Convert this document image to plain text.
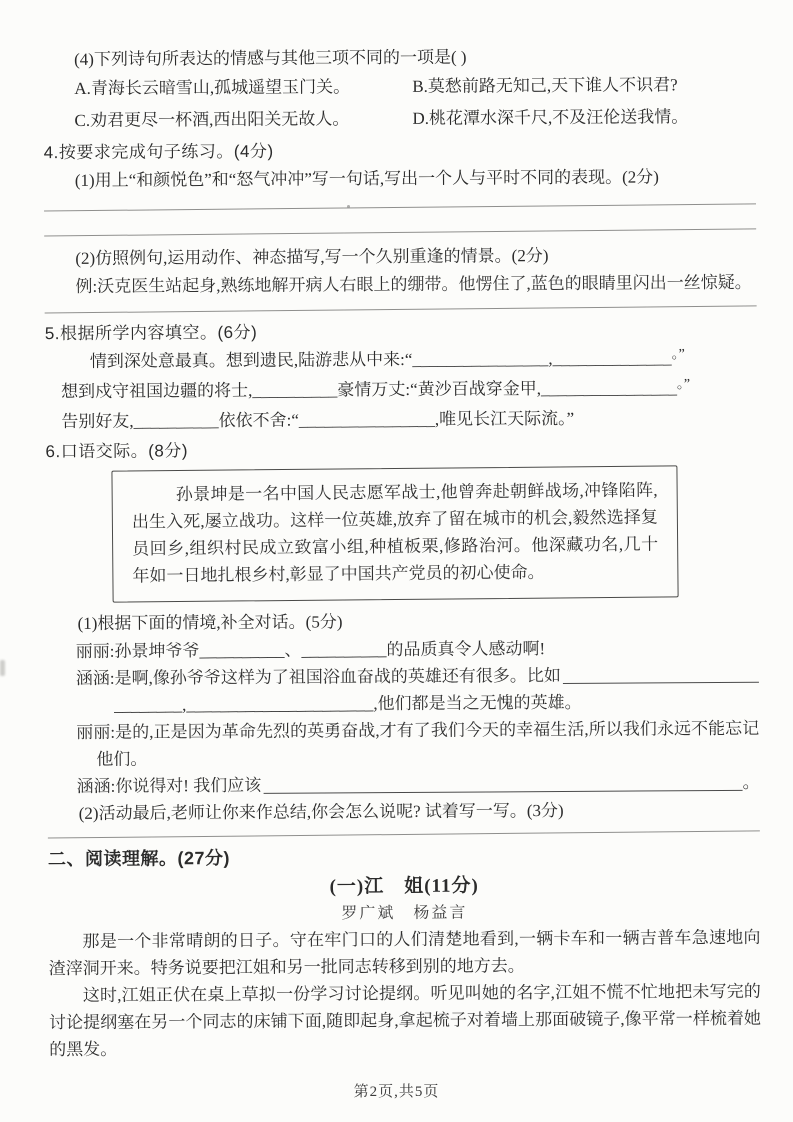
(4)下列诗句所表达的情感与其他三项不同的一项是( )
A.青海长云暗雪山,孤城遥望玉门关。	B.莫愁前路无知己,天下谁人不识君?
C.劝君更尽一杯酒,西出阳关无故人。	D.桃花潭水深千尺,不及汪伦送我情。
4.按要求完成句子练习。(4分)
(1)用上“和颜悦色”和“怒气冲冲”写一句话,写出一个人与平时不同的表现。(2分)
(2)仿照例句,运用动作、神态描写,写一个久别重逢的情景。(2分)
例:沃克医生站起身,熟练地解开病人右眼上的绷带。他愣住了,蓝色的眼睛里闪出一丝惊疑。
5.根据所学内容填空。(6分)
情到深处意最真。想到遗民,陆游悲从中来:“________________,______________。”
想到戍守祖国边疆的将士,__________豪情万丈:“黄沙百战穿金甲,________________。”
告别好友,__________依依不舍:“________________,唯见长江天际流。”
6.口语交际。(8分)

孙景坤是一名中国人民志愿军战士,他曾奔赴朝鲜战场,冲锋陷阵,出生入死,屡立战功。这样一位英雄,放弃了留在城市的机会,毅然选择复员回乡,组织村民成立致富小组,种植板栗,修路治河。他深藏功名,几十年如一日地扎根乡村,彰显了中国共产党员的初心使命。

(1)根据下面的情境,补全对话。(5分)
丽丽:孙景坤爷爷__________、__________的品质真令人感动啊!
涵涵:是啊,像孙爷爷这样为了祖国浴血奋战的英雄还有很多。比如
________,______________________,他们都是当之无愧的英雄。
丽丽:是的,正是因为革命先烈的英勇奋战,才有了我们今天的幸福生活,所以我们永远不能忘记他们。
涵涵:你说得对! 我们应该	。
(2)活动最后,老师让你来作总结,你会怎么说呢? 试着写一写。(3分)
二、阅读理解。(27分)
(一)江　姐(11分)
罗广斌　杨益言

那是一个非常晴朗的日子。守在牢门口的人们清楚地看到,一辆卡车和一辆吉普车急速地向渣滓洞开来。特务说要把江姐和另一批同志转移到别的地方去。

这时,江姐正伏在桌上草拟一份学习讨论提纲。听见叫她的名字,江姐不慌不忙地把未写完的讨论提纲塞在另一个同志的床铺下面,随即起身,拿起梳子对着墙上那面破镜子,像平常一样梳着她的黑发。

第2页,共5页
